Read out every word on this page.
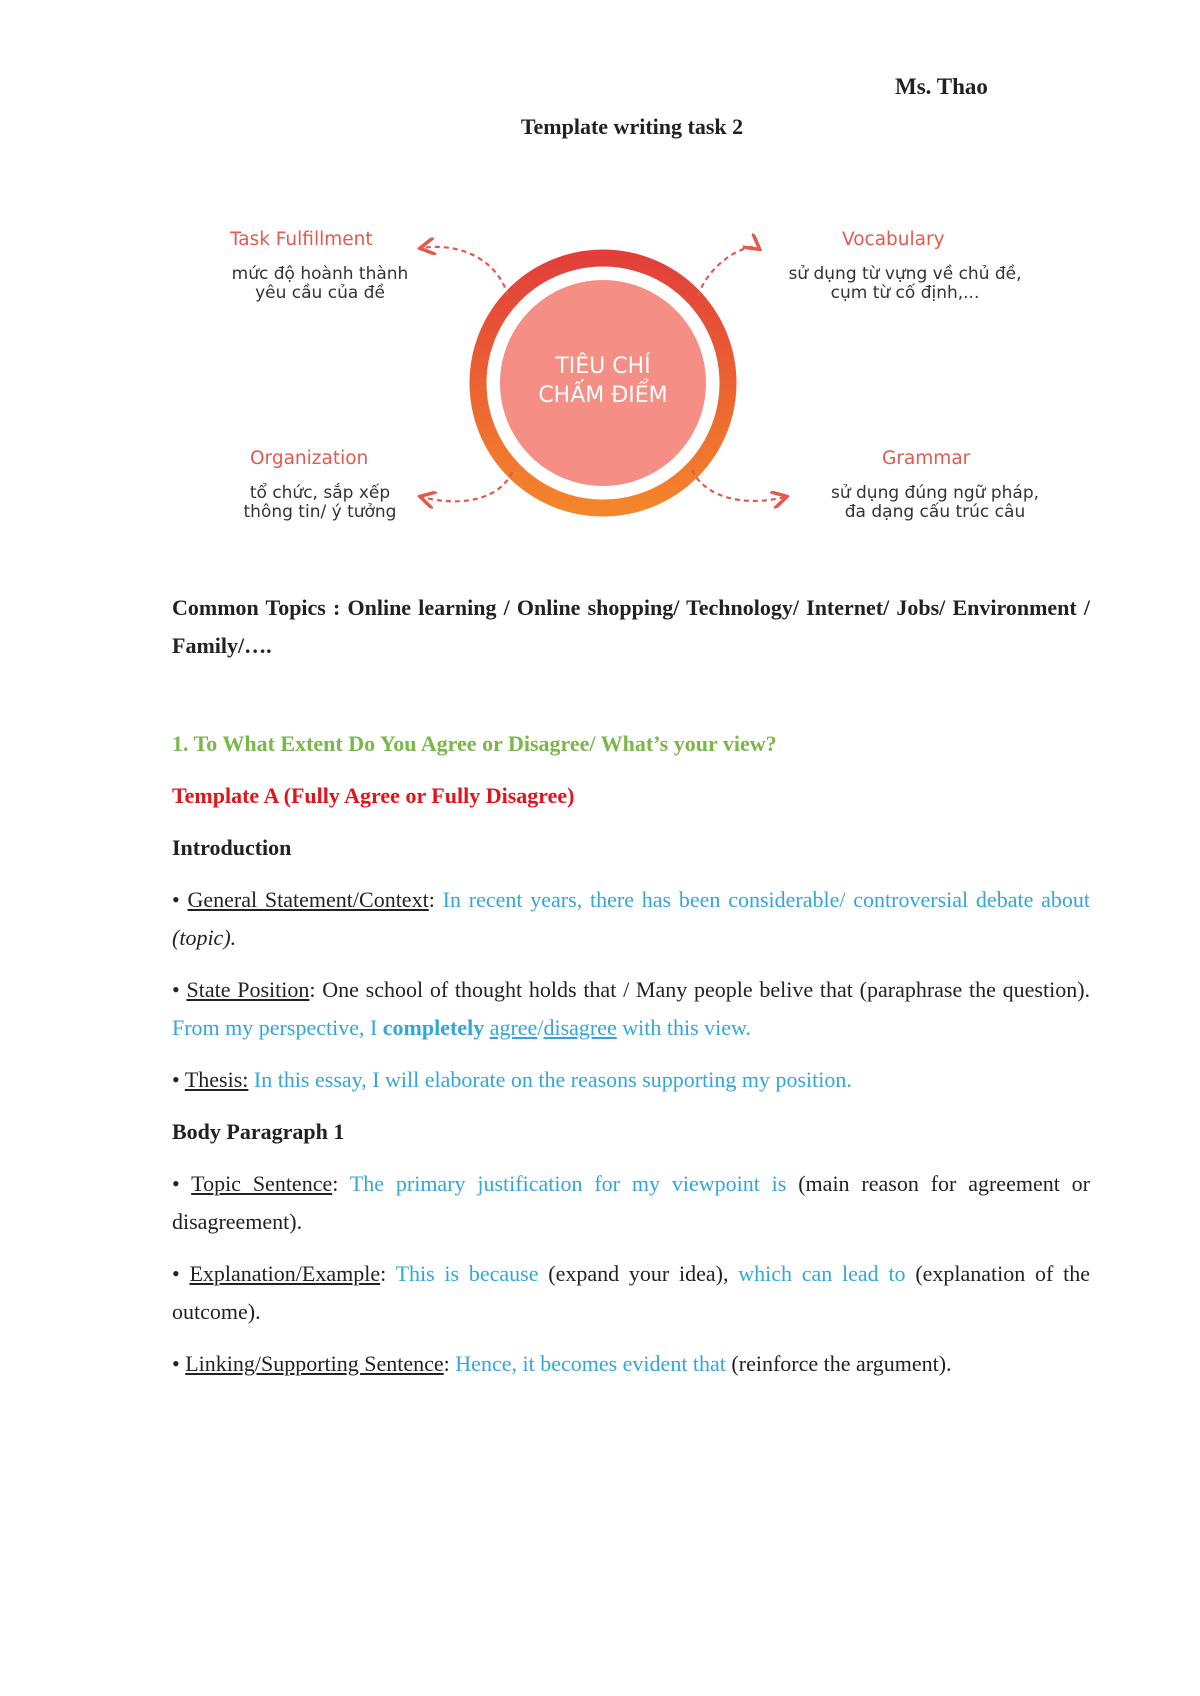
Ms. Thao
Template writing task 2
TIÊU CHÍ
CHẤM ĐIỂM
Task Fulfillment
mức độ hoành thành
yêu cầu của đề
Vocabulary
sử dụng từ vựng về chủ đề,
cụm từ cố định,...
Organization
tổ chức, sắp xếp
thông tin/ ý tưởng
Grammar
sử dụng đúng ngữ pháp,
đa dạng cấu trúc câu

Common Topics : Online learning / Online shopping/ Technology/ Internet/ Jobs/ Environment / Family/….

1. To What Extent Do You Agree or Disagree/ What’s your view?

Template A (Fully Agree or Fully Disagree)

Introduction

• General Statement/Context: In recent years, there has been considerable/ controversial debate about (topic).

• State Position: One school of thought holds that / Many people belive that (paraphrase the question). From my perspective, I completely agree/disagree with this view.

• Thesis: In this essay, I will elaborate on the reasons supporting my position.

Body Paragraph 1

• Topic Sentence: The primary justification for my viewpoint is (main reason for agreement or disagreement).

• Explanation/Example: This is because (expand your idea), which can lead to (explanation of the outcome).

• Linking/Supporting Sentence: Hence, it becomes evident that (reinforce the argument).
